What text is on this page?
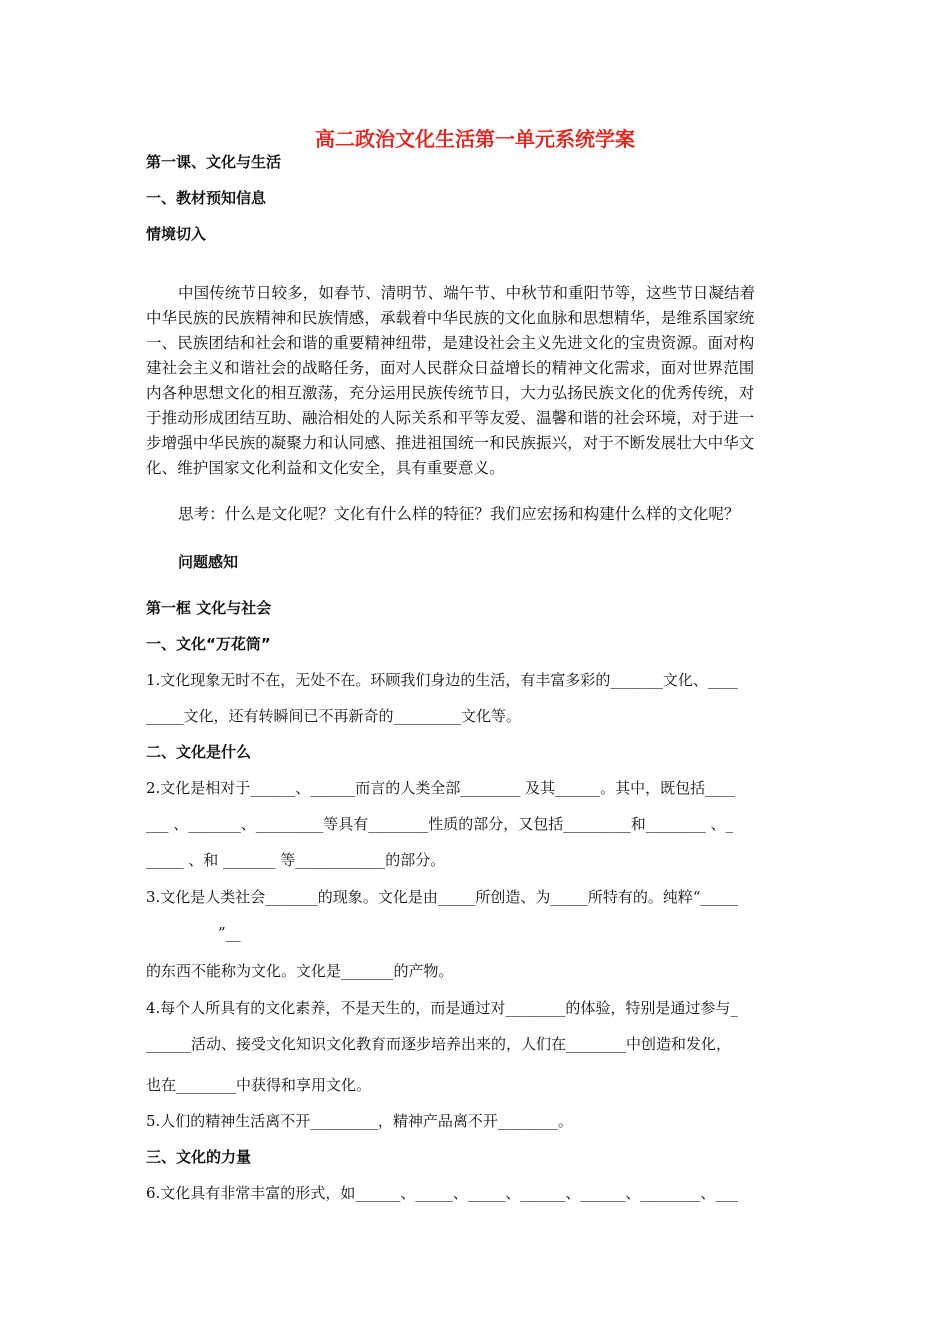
高二政治文化生活第一单元系统学案
第一课、文化与生活
一、教材预知信息
情境切入
中国传统节日较多，如春节、清明节、端午节、中秋节和重阳节等，这些节日凝结着
中华民族的民族精神和民族情感，承载着中华民族的文化血脉和思想精华，是维系国家统
一、民族团结和社会和谐的重要精神纽带，是建设社会主义先进文化的宝贵资源。面对构
建社会主义和谐社会的战略任务，面对人民群众日益增长的精神文化需求，面对世界范围
内各种思想文化的相互激荡，充分运用民族传统节日，大力弘扬民族文化的优秀传统，对
于推动形成团结互助、融洽相处的人际关系和平等友爱、温馨和谐的社会环境，对于进一
步增强中华民族的凝聚力和认同感、推进祖国统一和民族振兴，对于不断发展壮大中华文
化、维护国家文化利益和文化安全，具有重要意义。
思考：什么是文化呢？文化有什么样的特征？我们应宏扬和构建什么样的文化呢？
问题感知
第一框 文化与社会
一、文化“万花筒”
1.文化现象无时不在，无处不在。环顾我们身边的生活，有丰富多彩的_______文化、____
_____文化，还有转瞬间已不再新奇的_________文化等。
二、文化是什么
2.文化是相对于______、______而言的人类全部________ 及其______。其中，既包括____
___ 、_______、_________等具有________性质的部分，又包括_________和________ 、_
_____ 、和 _______ 等____________的部分。
3.文化是人类社会_______的现象。文化是由_____所创造、为_____所特有的。纯粹“_____
”__
的东西不能称为文化。文化是_______的产物。
4.每个人所具有的文化素养，不是天生的，而是通过对________的体验，特别是通过参与_
______活动、接受文化知识文化教育而逐步培养出来的，人们在________中创造和发化，
也在________中获得和享用文化。
5.人们的精神生活离不开_________，精神产品离不开________。
三、文化的力量
6.文化具有非常丰富的形式，如______、_____、_____、______、______、________、___
